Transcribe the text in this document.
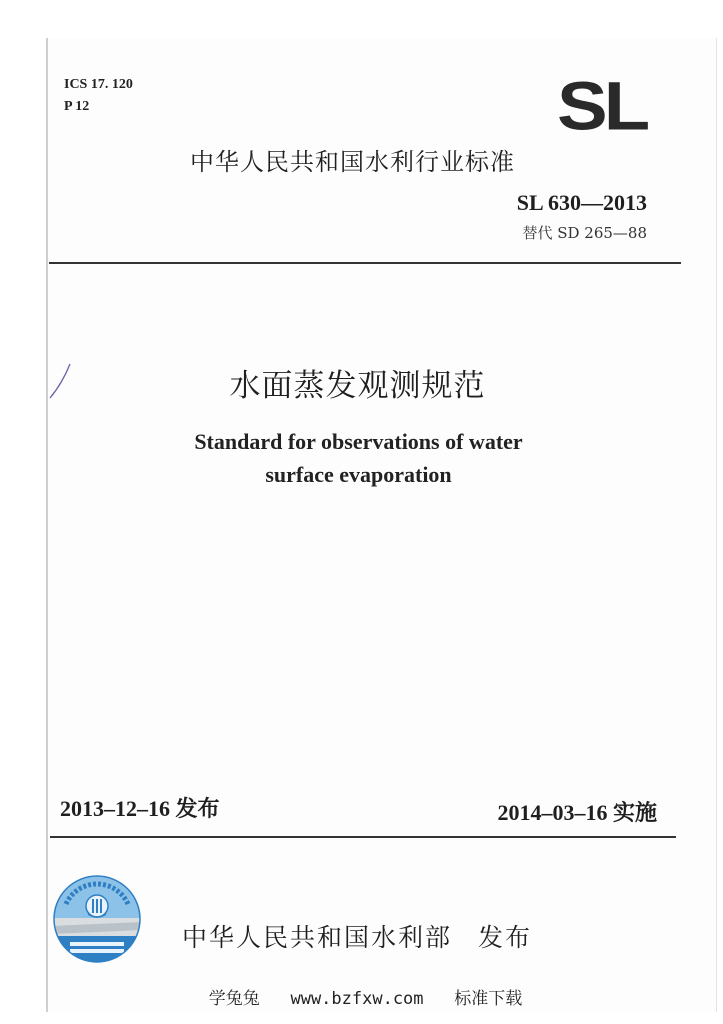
ICS 17. 120
P 12	SL
中华人民共和国水利行业标准
SL 630—2013
替代 SD 265—88
水面蒸发观测规范
Standard for observations of water
surface evaporation
2013–12–16 发布	2014–03–16 实施
中华人民共和国水利部 发布
学兔兔 www.bzfxw.com 标准下载
